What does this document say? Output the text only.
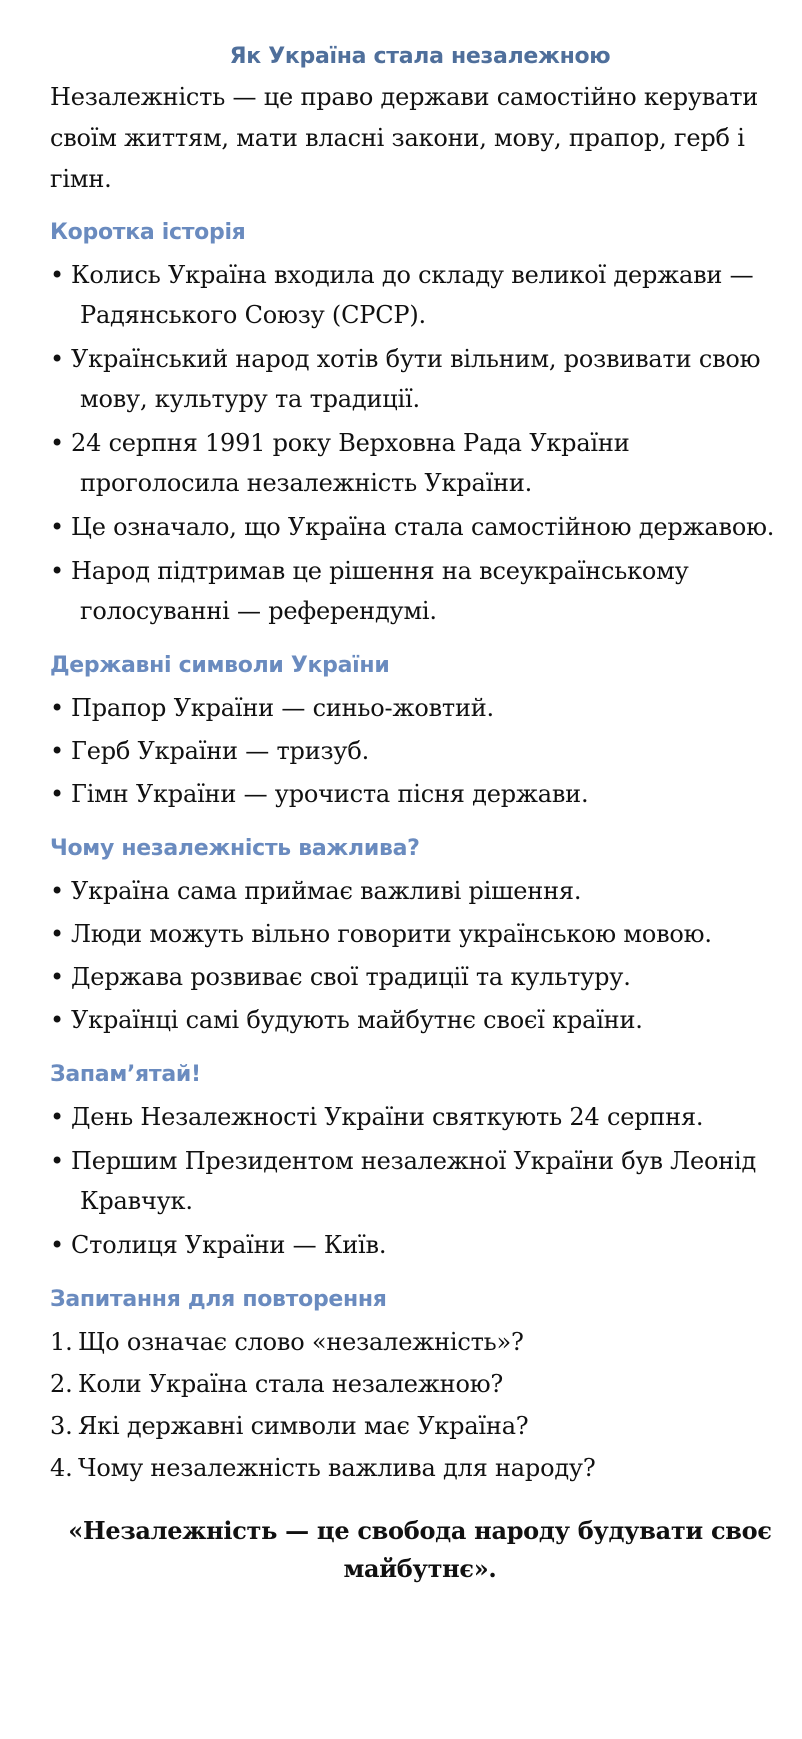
Як Україна стала незалежною

Незалежність — це право держави самостійно керувати своїм життям, мати власні закони, мову, прапор, герб і гімн.

Коротка історія
• Колись Україна входила до складу великої держави — Радянського Союзу (СРСР).
• Український народ хотів бути вільним, розвивати свою мову, культуру та традиції.
• 24 серпня 1991 року Верховна Рада України проголосила незалежність України.
• Це означало, що Україна стала самостійною державою.
• Народ підтримав це рішення на всеукраїнському голосуванні — референдумі.
Державні символи України
• Прапор України — синьо-жовтий.
• Герб України — тризуб.
• Гімн України — урочиста пісня держави.
Чому незалежність важлива?
• Україна сама приймає важливі рішення.
• Люди можуть вільно говорити українською мовою.
• Держава розвиває свої традиції та культуру.
• Українці самі будують майбутнє своєї країни.
Запам’ятай!
• День Незалежності України святкують 24 серпня.
• Першим Президентом незалежної України був Леонід Кравчук.
• Столиця України — Київ.
Запитання для повторення
1. Що означає слово «незалежність»?
2. Коли Україна стала незалежною?
3. Які державні символи має Україна?
4. Чому незалежність важлива для народу?

«Незалежність — це свобода народу будувати своє майбутнє».
